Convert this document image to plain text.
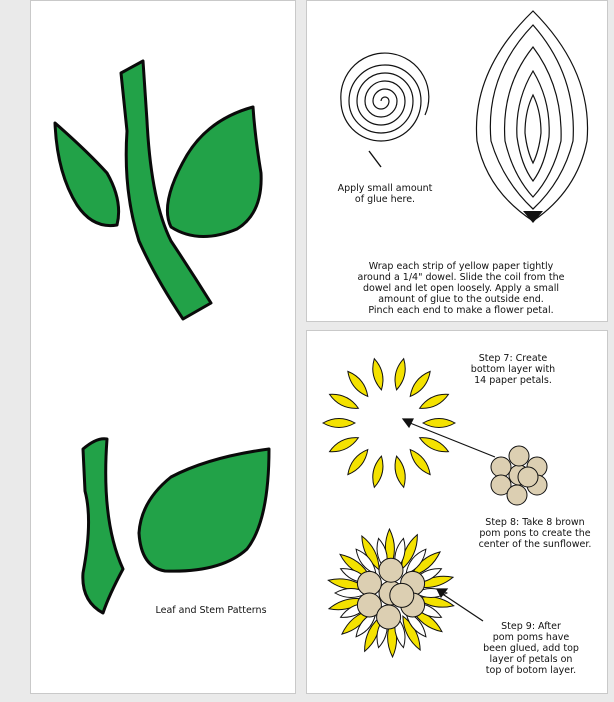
Leaf and Stem Patterns
Apply small amount
of glue here.
Wrap each strip of yellow paper tightly
around a 1/4" dowel. Slide the coil from the
dowel and let open loosely. Apply a small
amount of glue to the outside end.
Pinch each end to make a flower petal.
Step 7: Create
bottom layer with
14 paper petals.
Step 8: Take 8 brown
pom pons to create the
center of the sunflower.
Step 9: After
pom poms have
been glued, add top
layer of petals on
top of botom layer.
